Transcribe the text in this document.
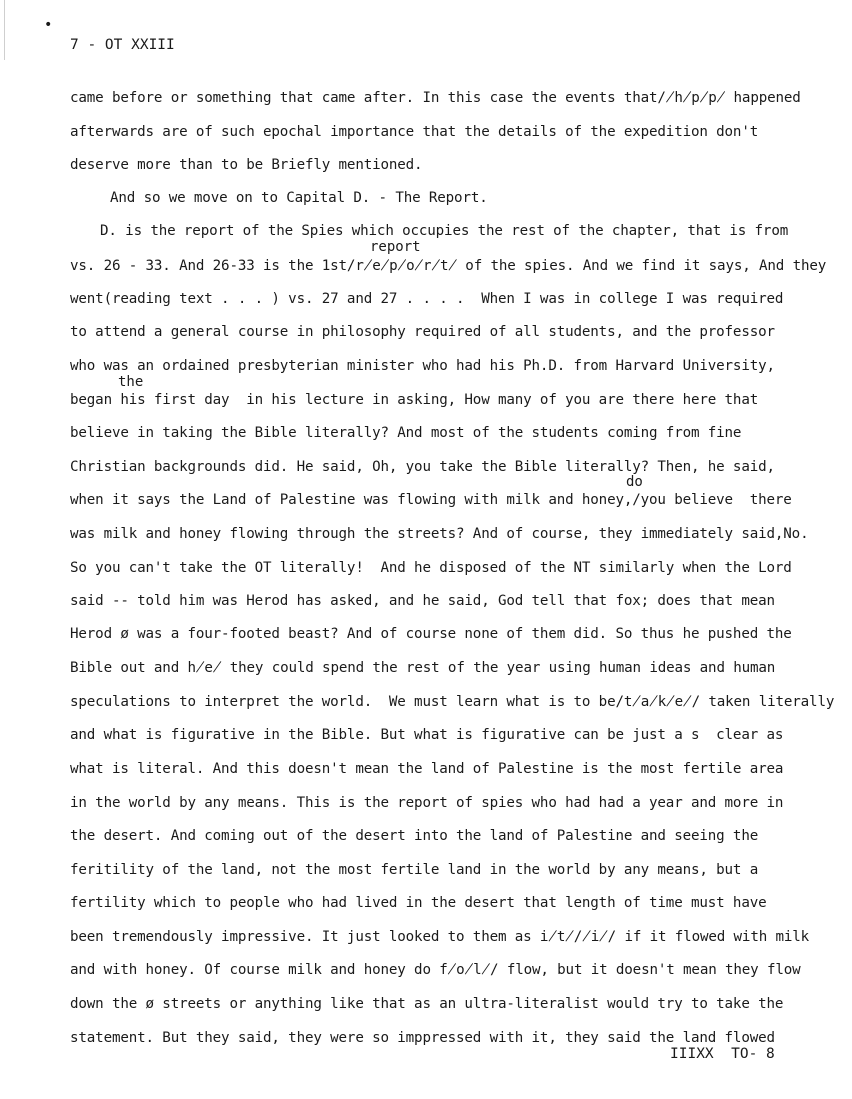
•
7 - OT XXIII
report
the
do
came before or something that came after. In this case the events that/̸h̸p̸p̸ happened
afterwards are of such epochal importance that the details of the expedition don't
deserve more than to be Briefly mentioned.
And so we move on to Capital D. - The Report.
D. is the report of the Spies which occupies the rest of the chapter, that is from
vs. 26 - 33. And 26-33 is the 1st/r̸e̸p̸o̸r̸t̸ of the spies. And we find it says, And they
went(reading text . . . ) vs. 27 and 27 . . . .  When I was in college I was required
to attend a general course in philosophy required of all students, and the professor
who was an ordained presbyterian minister who had his Ph.D. from Harvard University,
began his first day  in his lecture in asking, How many of you are there here that
believe in taking the Bible literally? And most of the students coming from fine
Christian backgrounds did. He said, Oh, you take the Bible literally? Then, he said,
when it says the Land of Palestine was flowing with milk and honey,/you believe  there
was milk and honey flowing through the streets? And of course, they immediately said,No.
So you can't take the OT literally!  And he disposed of the NT similarly when the Lord
said -- told him was Herod has asked, and he said, God tell that fox; does that mean
Herod ø was a four-footed beast? And of course none of them did. So thus he pushed the
Bible out and h̸e̸ they could spend the rest of the year using human ideas and human
speculations to interpret the world.  We must learn what is to be/t̸a̸k̸e̸/ taken literally
and what is figurative in the Bible. But what is figurative can be just a s  clear as
what is literal. And this doesn't mean the land of Palestine is the most fertile area
in the world by any means. This is the report of spies who had had a year and more in
the desert. And coming out of the desert into the land of Palestine and seeing the
feritility of the land, not the most fertile land in the world by any means, but a
fertility which to people who had lived in the desert that length of time must have
been tremendously impressive. It just looked to them as i̸t̸/̸i̸/ if it flowed with milk
and with honey. Of course milk and honey do f̸o̸l̸/ flow, but it doesn't mean they flow
down the ø streets or anything like that as an ultra-literalist would try to take the
statement. But they said, they were so imppressed with it, they said the land flowed
IIIXX  TO- 8
